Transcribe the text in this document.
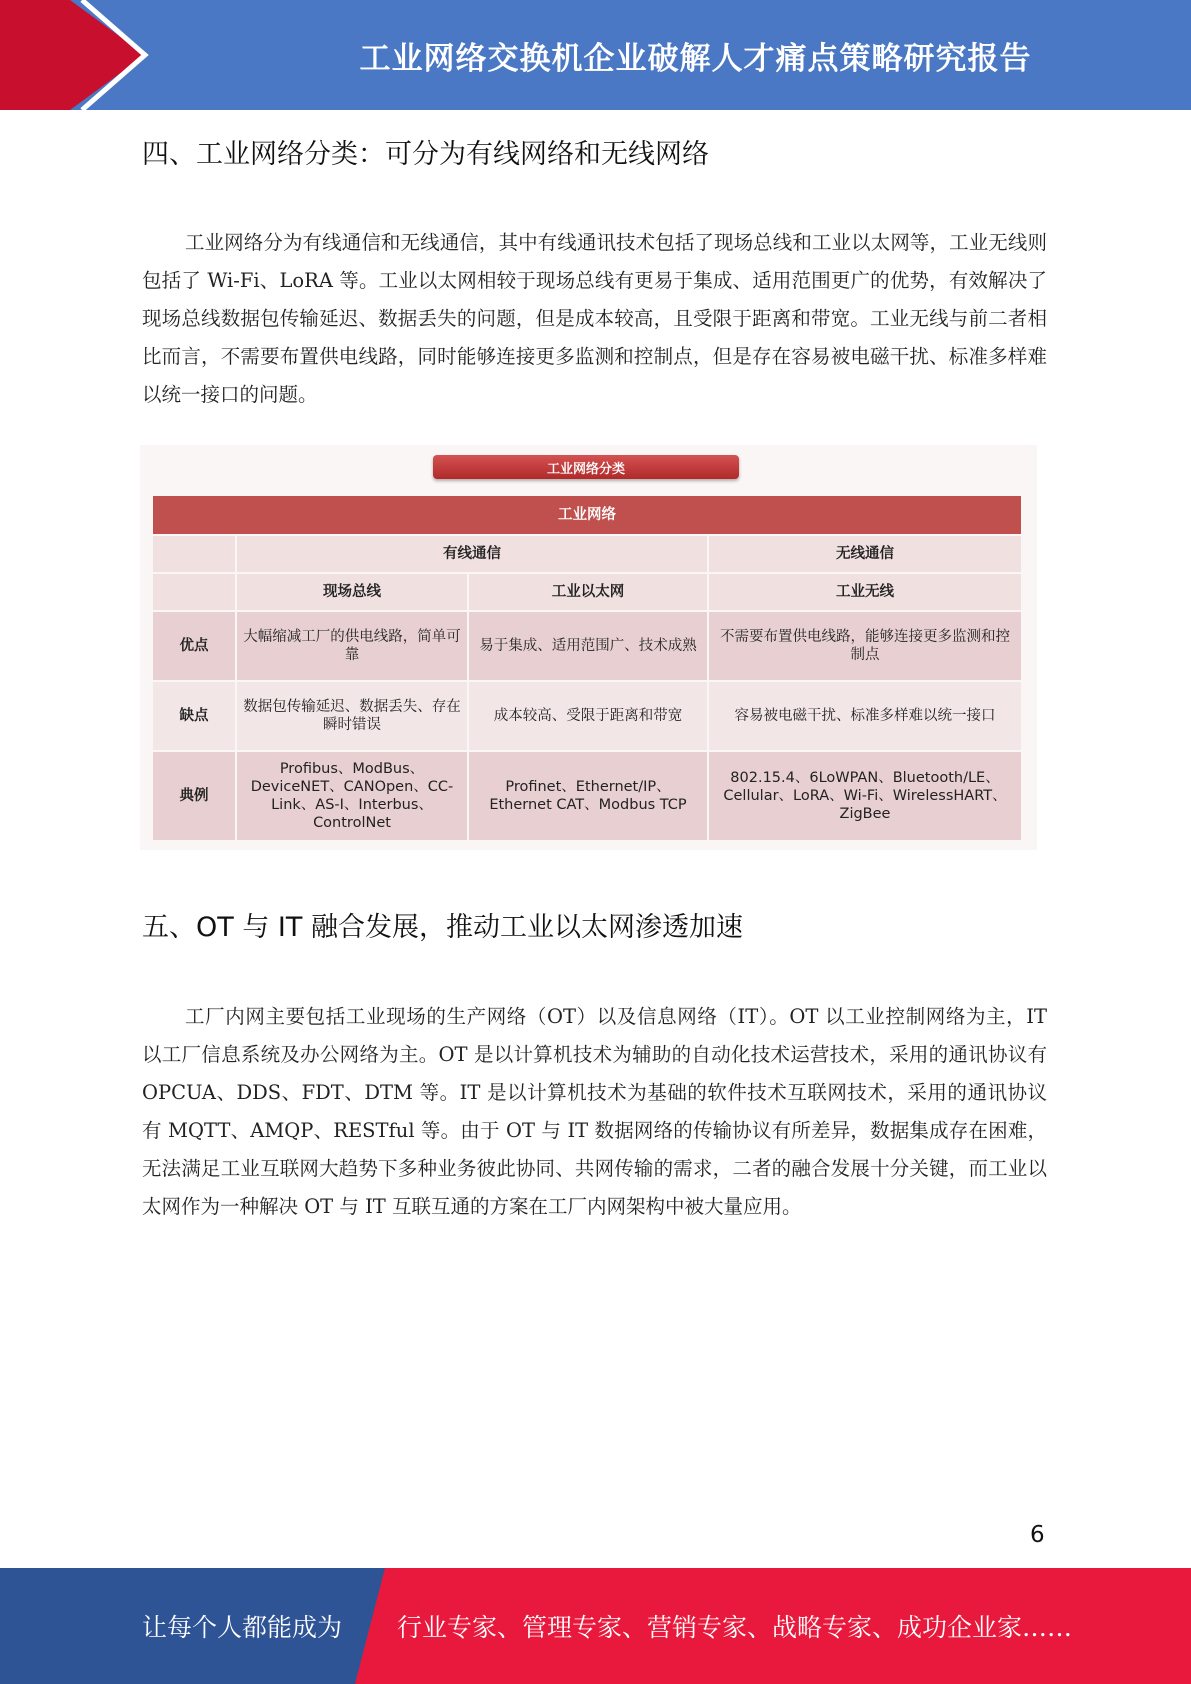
工业网络交换机企业破解人才痛点策略研究报告
四、工业网络分类：可分为有线网络和无线网络

工业网络分为有线通信和无线通信，其中有线通讯技术包括了现场总线和工业以太网等，工业无线则包括了 Wi-Fi、LoRA 等。工业以太网相较于现场总线有更易于集成、适用范围更广的优势，有效解决了现场总线数据包传输延迟、数据丢失的问题，但是成本较高，且受限于距离和带宽。工业无线与前二者相比而言，不需要布置供电线路，同时能够连接更多监测和控制点，但是存在容易被电磁干扰、标准多样难以统一接口的问题。

工业网络分类
工业网络			
	有线通信		无线通信
	现场总线	工业以太网	工业无线
优点	大幅缩减工厂的供电线路，简单可靠	易于集成、适用范围广、技术成熟	不需要布置供电线路，能够连接更多监测和控制点
缺点	数据包传输延迟、数据丢失、存在瞬时错误	成本较高、受限于距离和带宽	容易被电磁干扰、标准多样难以统一接口
典例	Profibus、ModBus、DeviceNET、CANOpen、CC-Link、AS-I、Interbus、ControlNet	Profinet、Ethernet/IP、Ethernet CAT、Modbus TCP	802.15.4、6LoWPAN、Bluetooth/LE、Cellular、LoRA、Wi-Fi、WirelessHART、ZigBee
五、OT 与 IT 融合发展，推动工业以太网渗透加速

工厂内网主要包括工业现场的生产网络（OT）以及信息网络（IT）。OT 以工业控制网络为主，IT 以工厂信息系统及办公网络为主。OT 是以计算机技术为辅助的自动化技术运营技术，采用的通讯协议有 OPCUA、DDS、FDT、DTM 等。IT 是以计算机技术为基础的软件技术互联网技术，采用的通讯协议有 MQTT、AMQP、RESTful 等。由于 OT 与 IT 数据网络的传输协议有所差异，数据集成存在困难，无法满足工业互联网大趋势下多种业务彼此协同、共网传输的需求，二者的融合发展十分关键，而工业以太网作为一种解决 OT 与 IT 互联互通的方案在工厂内网架构中被大量应用。

6
让每个人都能成为 行业专家、管理专家、营销专家、战略专家、成功企业家……
